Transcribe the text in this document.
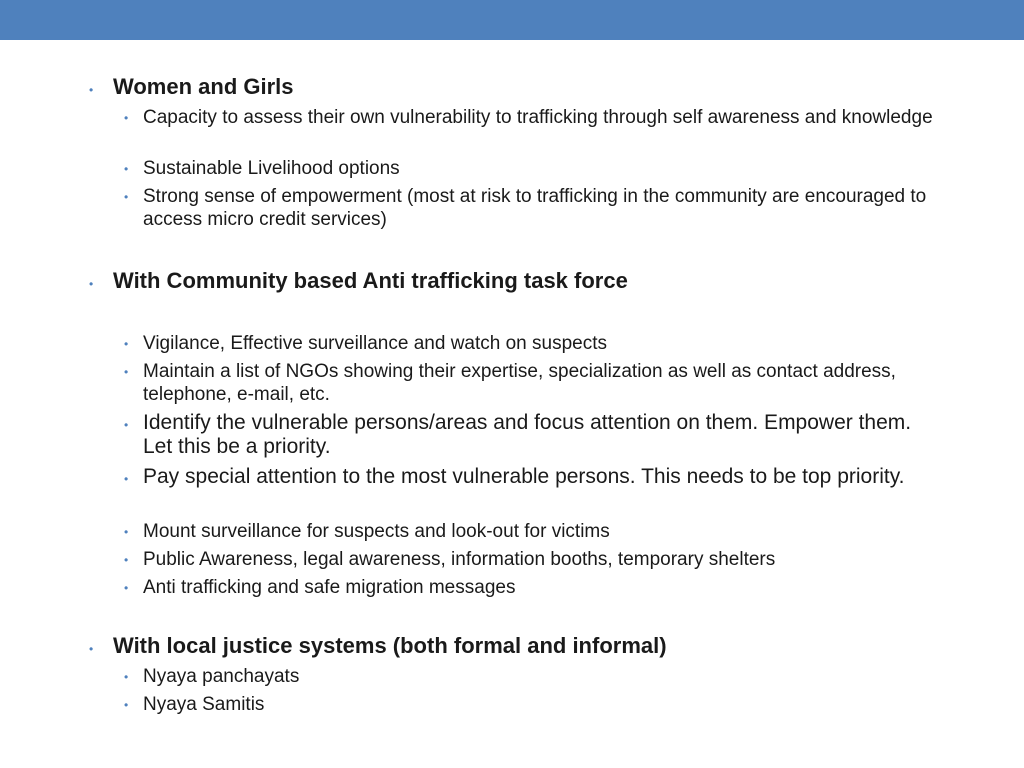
• Women and Girls

• Capacity to assess their own vulnerability to trafficking through self awareness and knowledge

• Sustainable Livelihood options

• Strong sense of empowerment (most at risk to trafficking in the community are encouraged to access micro credit services)

• With Community based Anti trafficking task force

• Vigilance, Effective surveillance and watch on suspects

• Maintain a list of NGOs showing their expertise, specialization as well as contact address, telephone, e-mail, etc.

• Identify the vulnerable persons/areas and focus attention on them. Empower them. Let this be a priority.

• Pay special attention to the most vulnerable persons. This needs to be top priority.

• Mount surveillance for suspects and look-out for victims

• Public Awareness, legal awareness, information booths, temporary shelters

• Anti trafficking and safe migration messages

• With local justice systems (both formal and informal)

• Nyaya panchayats

• Nyaya Samitis
